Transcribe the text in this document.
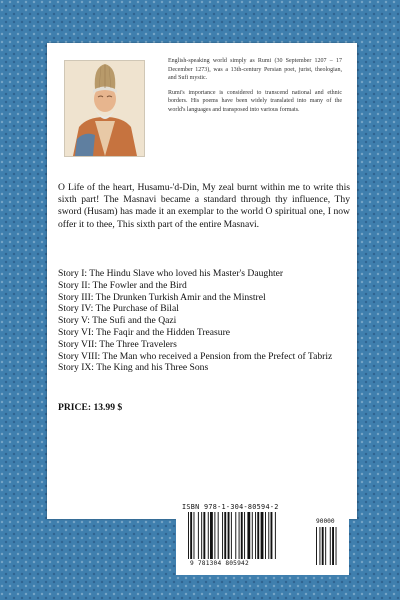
English-speaking world simply as Rumi (30 September 1207 – 17 December 1273), was a 13th-century Persian poet, jurist, theologian, and Sufi mystic.

Rumi's importance is considered to transcend national and ethnic borders. His poems have been widely translated into many of the world's languages and transposed into various formats.

O Life of the heart, Husamu-'d-Din, My zeal burnt within me to write this sixth part! The Masnavi became a standard through thy influence, Thy sword (Husam) has made it an exemplar to the world O spiritual one, I now offer it to thee, This sixth part of the entire Masnavi.

Story I: The Hindu Slave who loved his Master's Daughter
Story II: The Fowler and the Bird
Story III: The Drunken Turkish Amir and the Minstrel
Story IV: The Purchase of Bilal
Story V: The Sufi and the Qazi
Story VI: The Faqir and the Hidden Treasure
Story VII: The Three Travelers
Story VIII: The Man who received a Pension from the Prefect of Tabriz
Story IX: The King and his Three Sons

PRICE: 13.99 $

ISBN 978-1-304-80594-2

90000

9 781304 805942
